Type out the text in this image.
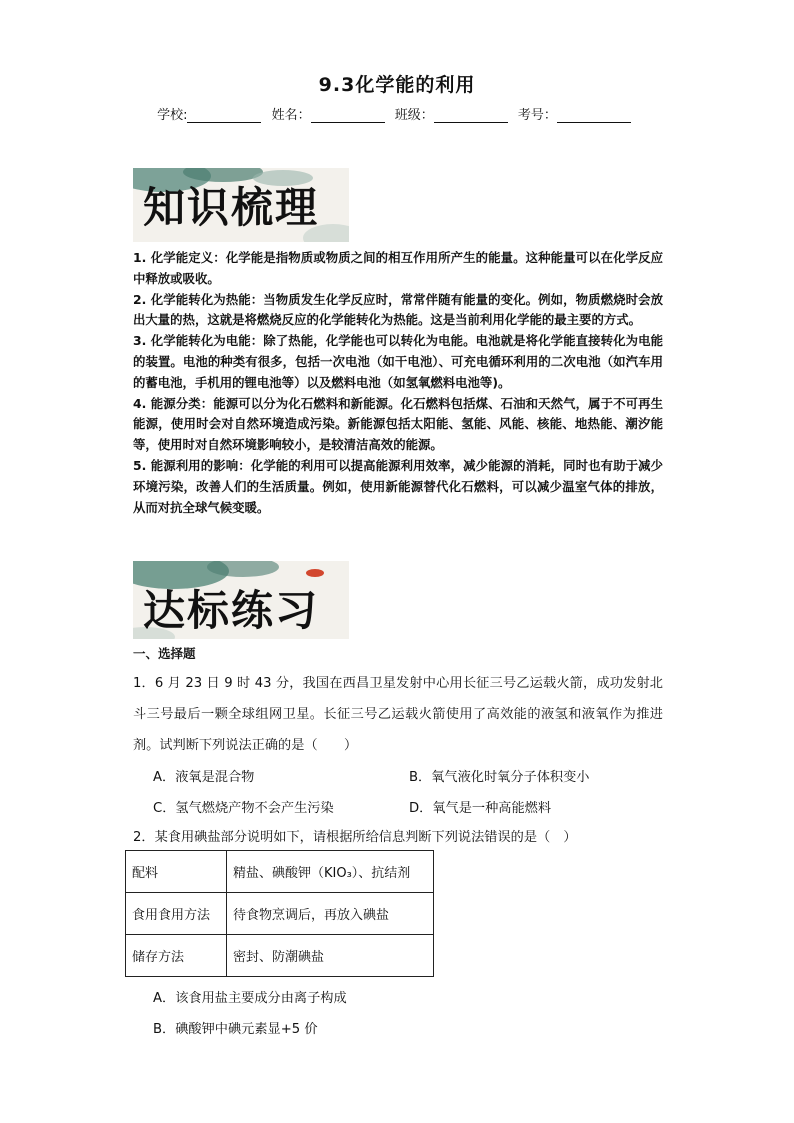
9.3化学能的利用
学校:	姓名：	班级：	考号：
知识梳理

1. 化学能定义：化学能是指物质或物质之间的相互作用所产生的能量。这种能量可以在化学反应中释放或吸收。

2. 化学能转化为热能：当物质发生化学反应时，常常伴随有能量的变化。例如，物质燃烧时会放出大量的热，这就是将燃烧反应的化学能转化为热能。这是当前利用化学能的最主要的方式。

3. 化学能转化为电能：除了热能，化学能也可以转化为电能。电池就是将化学能直接转化为电能的装置。电池的种类有很多，包括一次电池（如干电池）、可充电循环利用的二次电池（如汽车用的蓄电池，手机用的锂电池等）以及燃料电池（如氢氧燃料电池等)。

4. 能源分类：能源可以分为化石燃料和新能源。化石燃料包括煤、石油和天然气，属于不可再生能源，使用时会对自然环境造成污染。新能源包括太阳能、氢能、风能、核能、地热能、潮汐能等，使用时对自然环境影响较小，是较清洁高效的能源。

5. 能源利用的影响：化学能的利用可以提高能源利用效率，减少能源的消耗，同时也有助于减少环境污染，改善人们的生活质量。例如，使用新能源替代化石燃料，可以减少温室气体的排放，从而对抗全球气候变暖。

达标练习
一、选择题
1．6 月 23 日 9 时 43 分，我国在西昌卫星发射中心用长征三号乙运载火箭，成功发射北斗三号最后一颗全球组网卫星。长征三号乙运载火箭使用了高效能的液氢和液氧作为推进剂。试判断下列说法正确的是（　　）
A．液氧是混合物	B．氧气液化时氧分子体积变小
C．氢气燃烧产物不会产生污染	D．氧气是一种高能燃料
2．某食用碘盐部分说明如下，请根据所给信息判断下列说法错误的是（　）
配料	精盐、碘酸钾（KIO₃）、抗结剂
食用食用方法	待食物烹调后，再放入碘盐
储存方法	密封、防潮碘盐
A．该食用盐主要成分由离子构成
B．碘酸钾中碘元素显+5 价
